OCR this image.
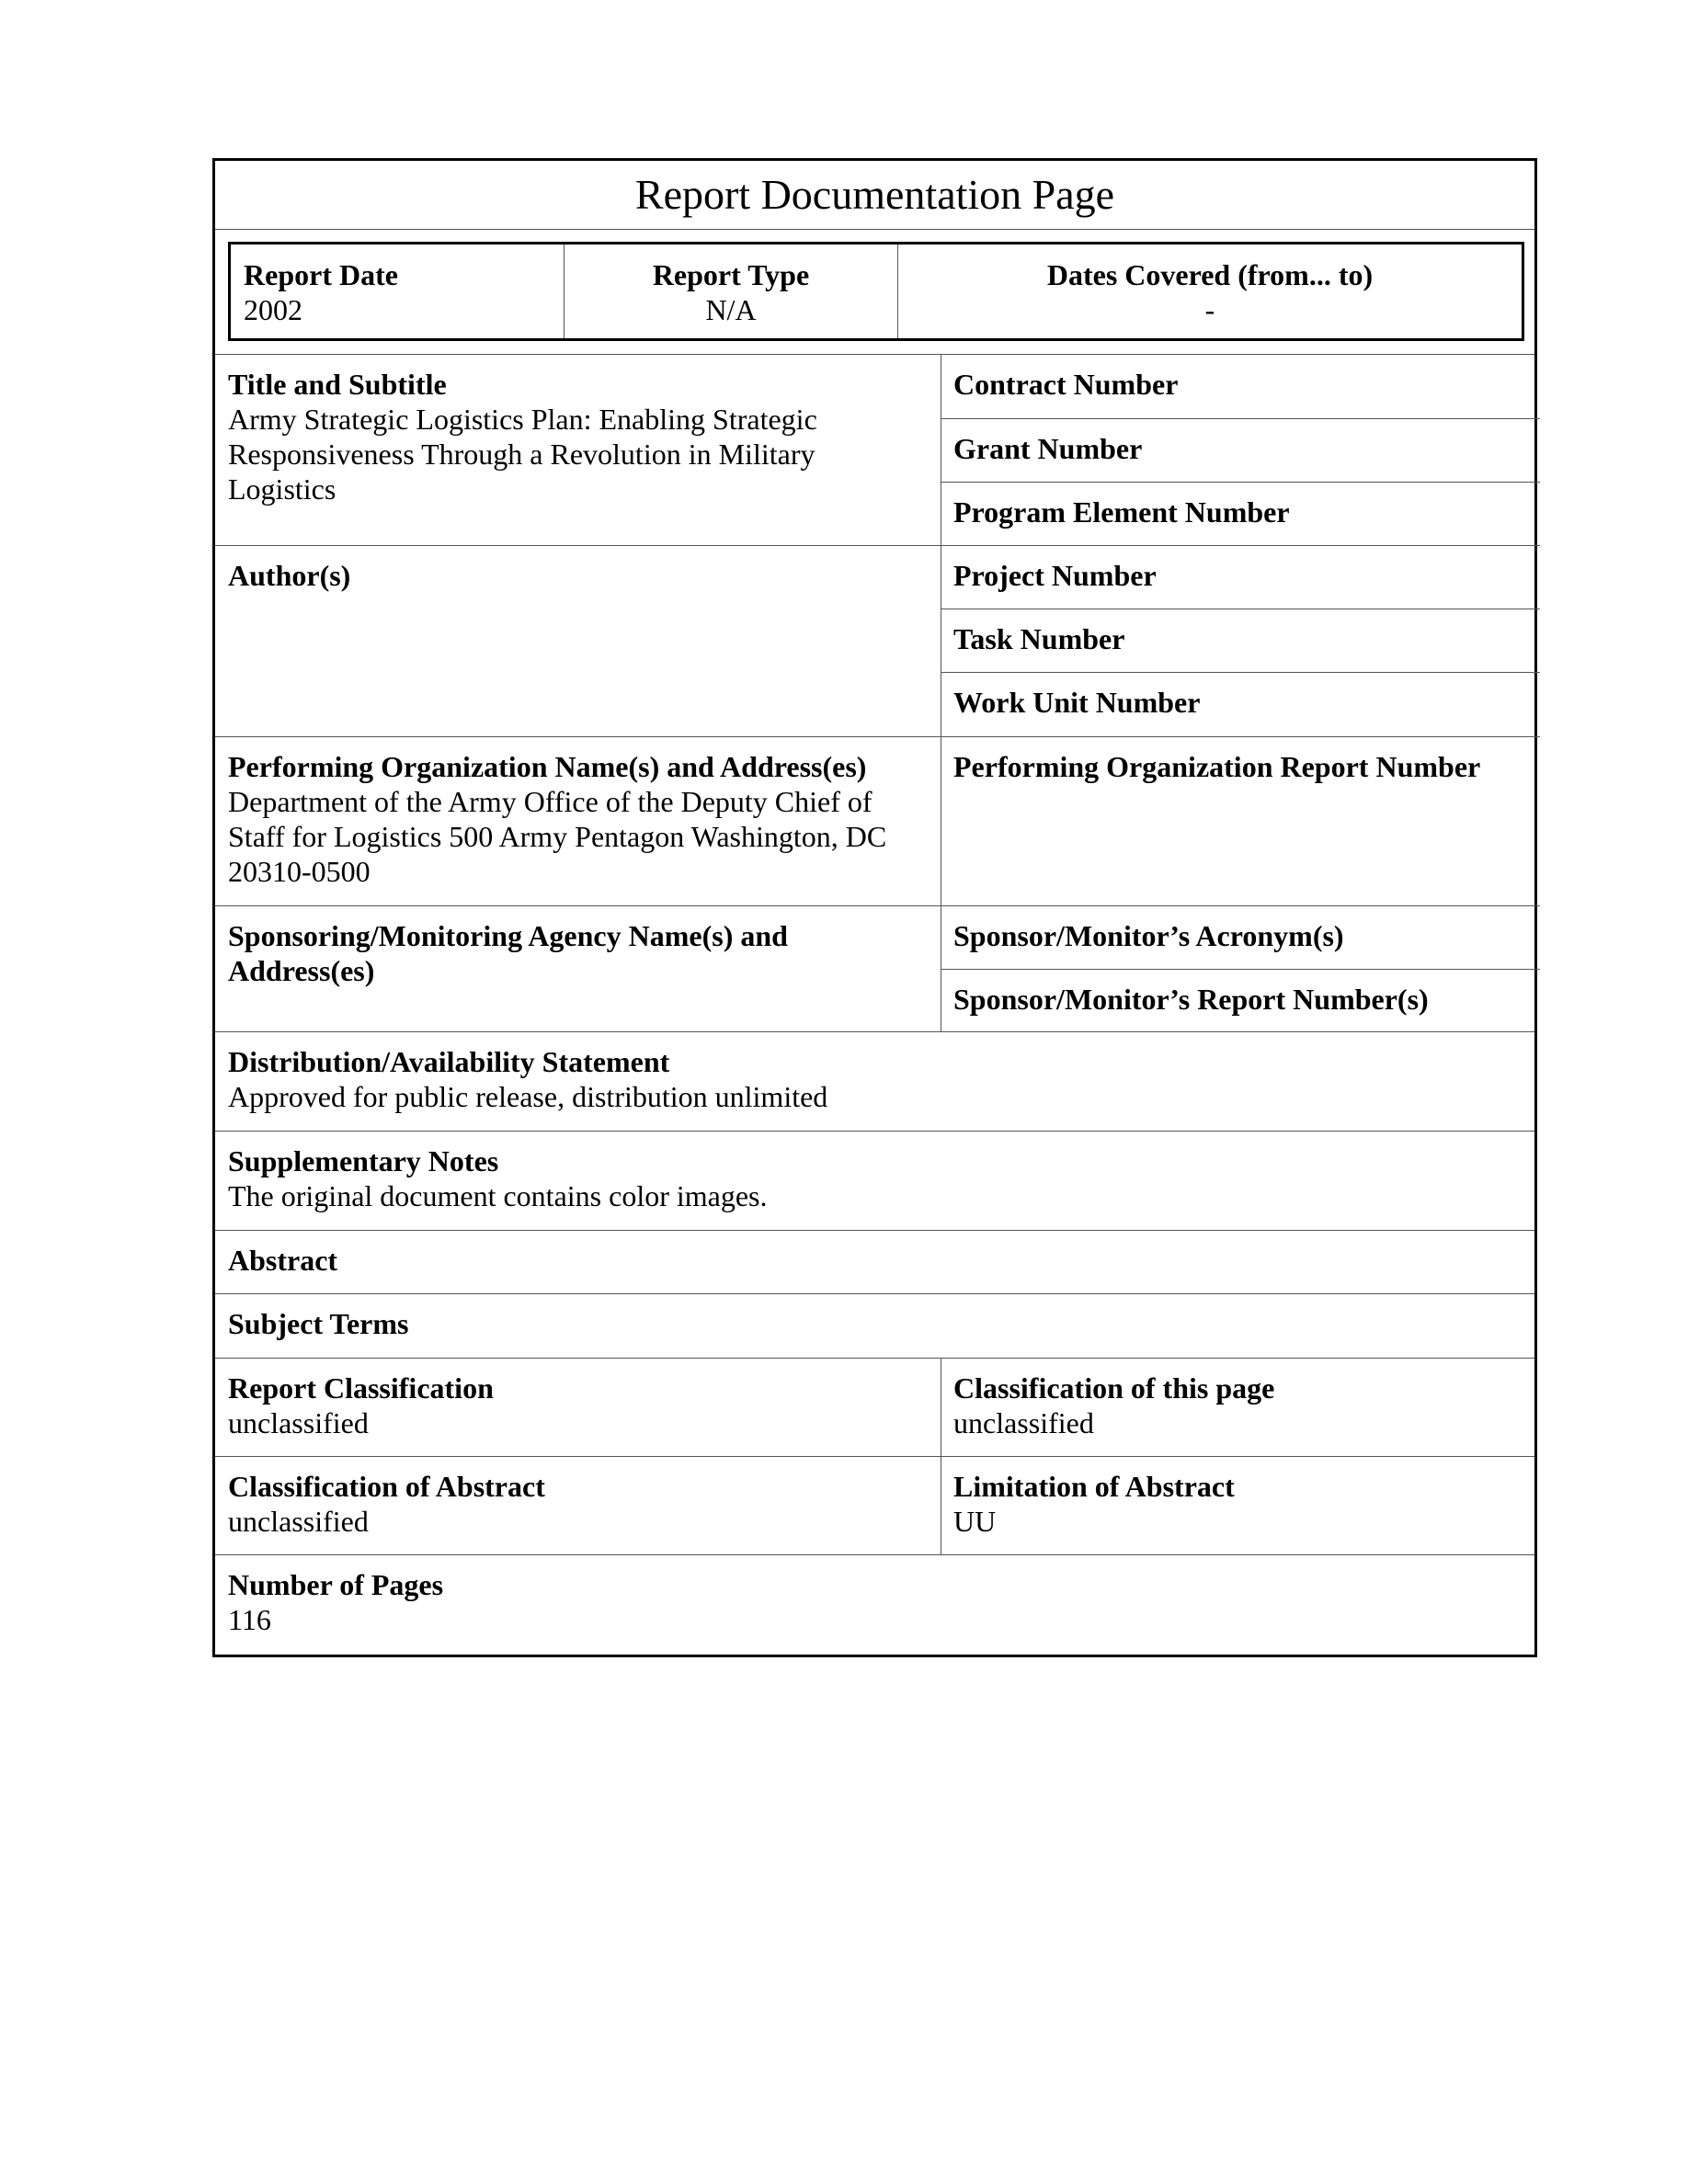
Report Documentation Page
Report Date
2002
Report Type
N/A
Dates Covered (from... to)
-
Title and Subtitle
Army Strategic Logistics Plan: Enabling Strategic Responsiveness Through a Revolution in Military Logistics
Contract Number
Grant Number
Program Element Number
Author(s)	Project Number
Task Number
Work Unit Number
Performing Organization Name(s) and Address(es)
Department of the Army Office of the Deputy Chief of Staff for Logistics 500 Army Pentagon Washington, DC 20310-0500
Performing Organization Report Number
Sponsoring/Monitoring Agency Name(s) and Address(es)
Sponsor/Monitor’s Acronym(s)
Sponsor/Monitor’s Report Number(s)
Distribution/Availability Statement
Approved for public release, distribution unlimited
Supplementary Notes
The original document contains color images.
Abstract
Subject Terms
Report Classification
unclassified
Classification of this page
unclassified
Classification of Abstract
unclassified
Limitation of Abstract
UU
Number of Pages
116
